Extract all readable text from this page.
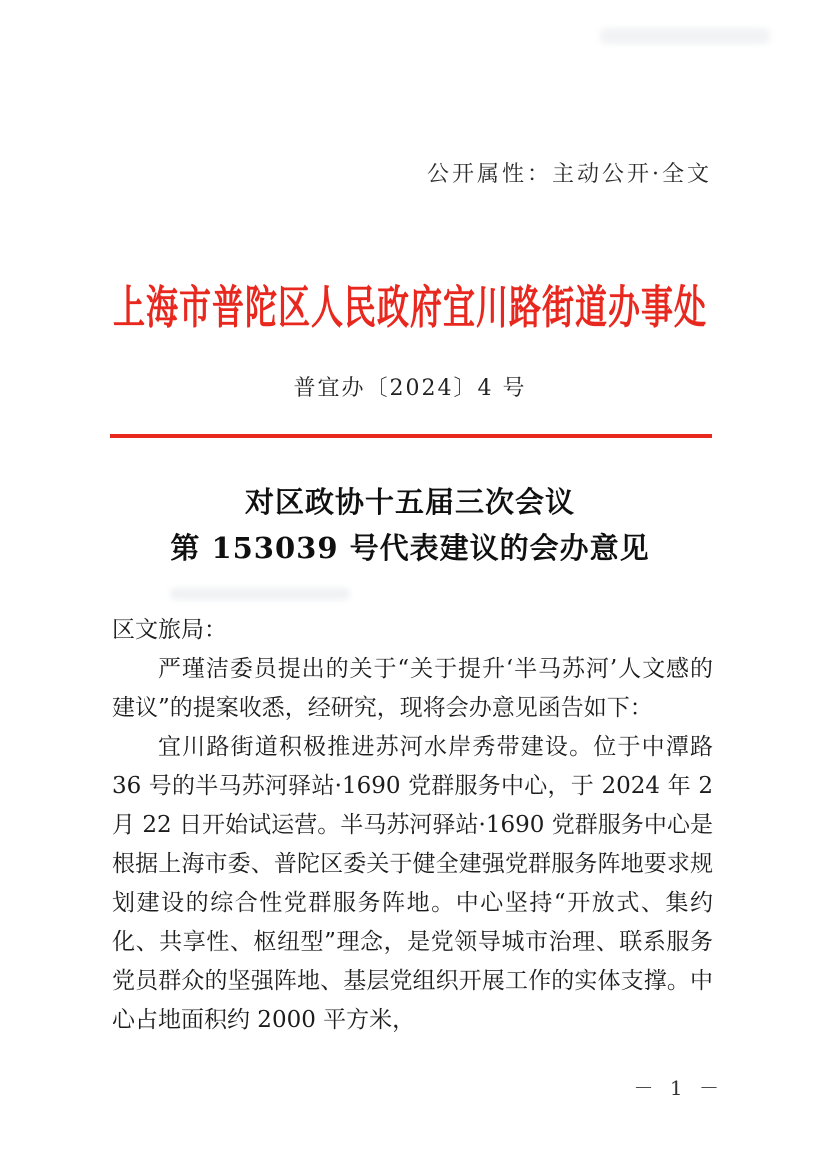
公开属性：主动公开·全文
上海市普陀区人民政府宜川路街道办事处
普宜办〔2024〕4 号
对区政协十五届三次会议
第 153039 号代表建议的会办意见

区文旅局：

严瑾洁委员提出的关于“关于提升‘半马苏河’人文感的建议”的提案收悉，经研究，现将会办意见函告如下：

宜川路街道积极推进苏河水岸秀带建设。位于中潭路 36 号的半马苏河驿站·1690 党群服务中心，于 2024 年 2 月 22 日开始试运营。半马苏河驿站·1690 党群服务中心是根据上海市委、普陀区委关于健全建强党群服务阵地要求规划建设的综合性党群服务阵地。中心坚持“开放式、集约化、共享性、枢纽型”理念，是党领导城市治理、联系服务党员群众的坚强阵地、基层党组织开展工作的实体支撑。中心占地面积约 2000 平方米，

－ 1 －
